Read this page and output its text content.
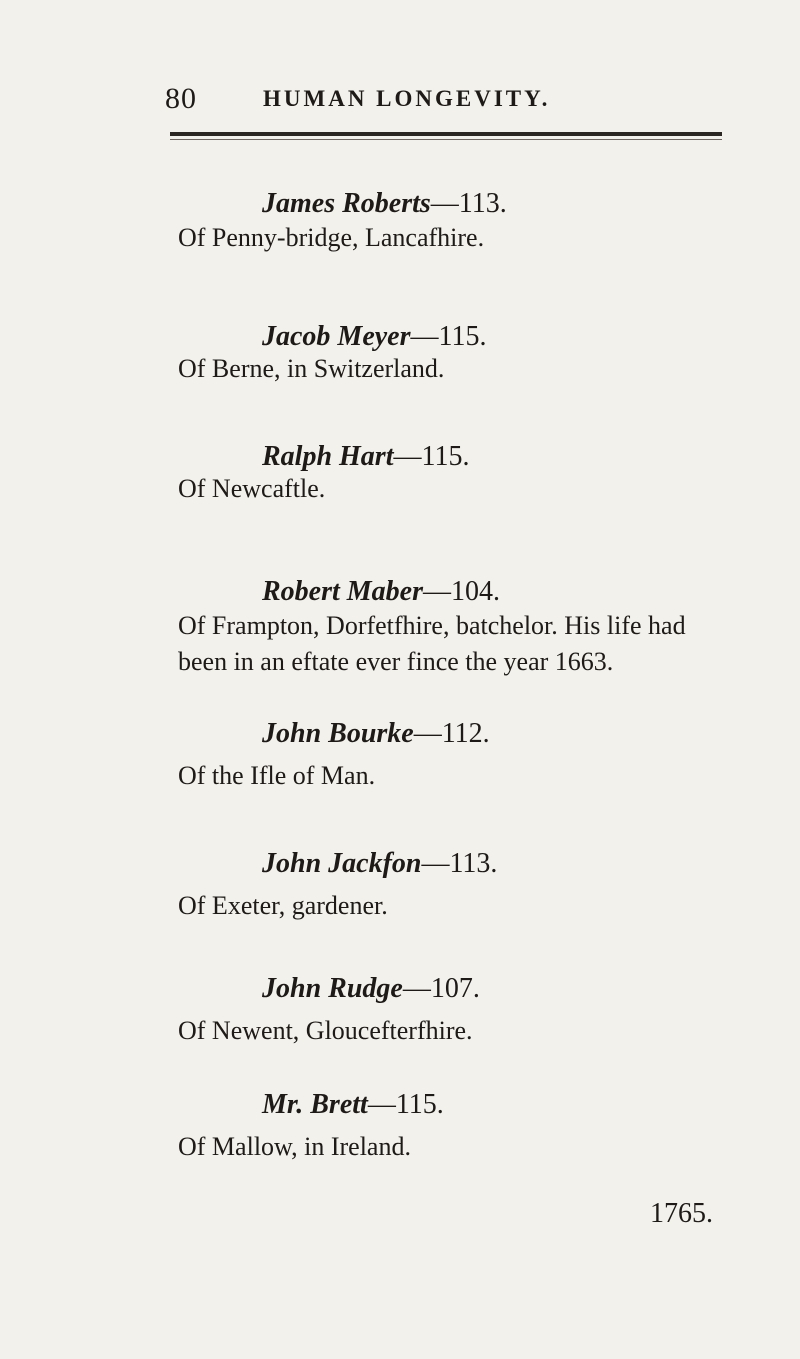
80	HUMAN LONGEVITY.
James Roberts—113.
Of Penny-bridge, Lancafhire.
Jacob Meyer—115.
Of Berne, in Switzerland.
Ralph Hart—115.
Of Newcaftle.
Robert Maber—104.
Of Frampton, Dorfetfhire, batchelor. His life had been in an eftate ever fince the year 1663.
John Bourke—112.
Of the Ifle of Man.
John Jackfon—113.
Of Exeter, gardener.
John Rudge—107.
Of Newent, Gloucefterfhire.
Mr. Brett—115.
Of Mallow, in Ireland.
1765.
